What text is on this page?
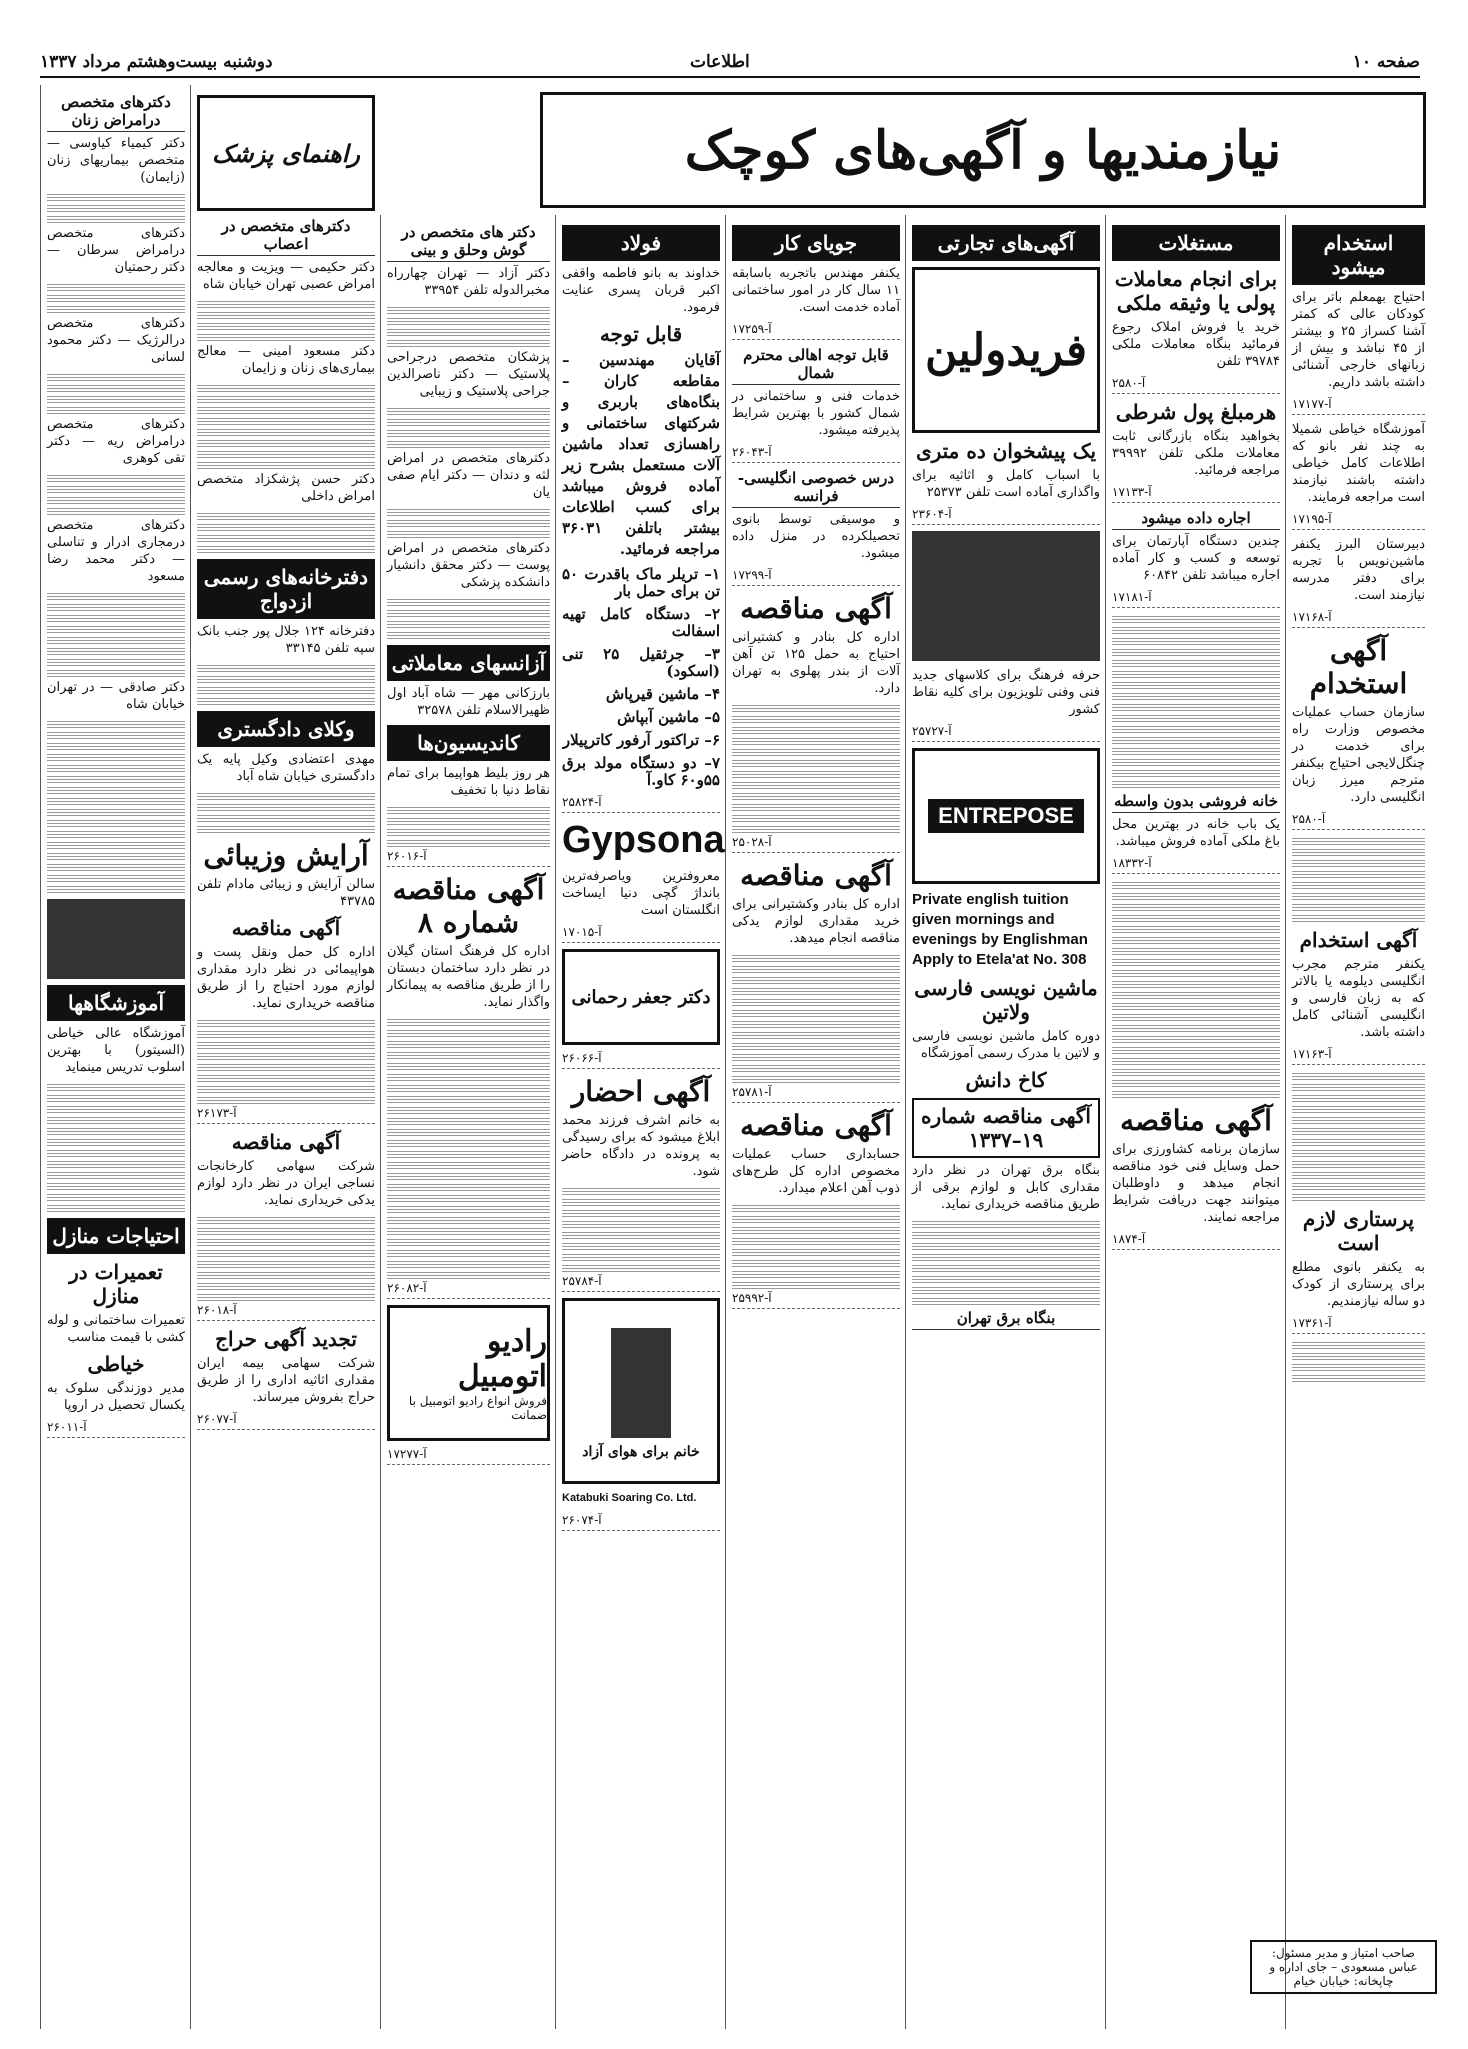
دوشنبه بیست‌وهشتم مرداد ۱۳۳۷	اطلاعات	صفحه ۱۰
نیازمندیها و آگهی‌های کوچک
استخدام میشود
احتیاج بهمعلم باتر برای کودکان عالی که کمتر آشنا کسراز ۲۵ و بیشتر از ۴۵ نباشد و بیش از زبانهای خارجی آشنائی داشته باشد داریم.
آ-۱۷۱۷۷
آموزشگاه خیاطی شمیلا به چند نفر بانو که اطلاعات کامل خیاطی داشته باشند نیازمند است مراجعه فرمایند.
آ-۱۷۱۹۵
دبیرستان البرز یکنفر ماشین‌نویس با تجربه برای دفتر مدرسه نیازمند است.
آ-۱۷۱۶۸
آگهی استخدام
سازمان حساب عملیات مخصوص وزارت راه برای خدمت در چنگل‌لایجی احتیاج بیکنفر مترجم میرز زبان انگلیسی دارد.
آ-۲۵۸۰
آگهی استخدام
یکنفر مترجم مجرب انگلیسی دیلومه یا بالاتر که به زبان فارسی و انگلیسی آشنائی کامل داشته باشد.
آ-۱۷۱۶۳
پرستاری لازم است
به یکنفر بانوی مطلع برای پرستاری از کودک دو ساله نیازمندیم.
آ-۱۷۳۶۱
مستغلات
برای انجام معاملات پولی یا وثیقه ملکی
خرید یا فروش املاک رجوع فرمائید بنگاه معاملات ملکی ۳۹۷۸۴ تلفن
آ-۲۵۸۰
هرمبلغ پول شرطی
بخواهید بنگاه بازرگانی ثابت معاملات ملکی تلفن ۳۹۹۹۲ مراجعه فرمائید.
آ-۱۷۱۳۳
اجاره داده میشود
چندین دستگاه آپارتمان برای توسعه و کسب و کار آماده اجاره میباشد تلفن ۶۰۸۴۲
آ-۱۷۱۸۱
خانه فروشی بدون واسطه
یک باب خانه در بهترین محل باغ ملکی آماده فروش میباشد.
آ-۱۸۳۳۲
آگهی مناقصه
سازمان برنامه کشاورزی برای حمل وسایل فنی خود مناقصه انجام میدهد و داوطلبان میتوانند جهت دریافت شرایط مراجعه نمایند.
آ-۱۸۷۴
آگهی‌های تجارتی
فریدولین
یک پیشخوان ده متری
با اسباب کامل و اثاثیه برای واگذاری آماده است تلفن ۲۵۳۷۳
آ-۲۳۶۰۴
حرفه فرهنگ برای کلاسهای جدید فنی وفنی تلویزیون برای کلیه نقاط کشور
آ-۲۵۷۲۷
ENTREPOSE
Private english tuition given mornings and evenings by Englishman Apply to Etela'at No. 308
ماشین نویسی فارسی ولاتین
دوره کامل ماشین نویسی فارسی و لاتین با مدرک رسمی آموزشگاه
کاخ دانش
آگهی مناقصه شماره ۱۹–۱۳۳۷
بنگاه برق تهران در نظر دارد مقداری کابل و لوازم برقی از طریق مناقصه خریداری نماید.
بنگاه برق تهران
جویای کار
یکنفر مهندس باتجربه باسابقه ۱۱ سال کار در امور ساختمانی آماده خدمت است.
آ-۱۷۲۵۹
قابل توجه اهالی محترم شمال
خدمات فنی و ساختمانی در شمال کشور با بهترین شرایط پذیرفته میشود.
آ-۲۶۰۴۳
درس خصوصی انگلیسی-فرانسه
و موسیقی توسط بانوی تحصیلکرده در منزل داده میشود.
آ-۱۷۲۹۹
آگهی مناقصه
اداره کل بنادر و کشتیرانی احتیاج به حمل ۱۲۵ تن آهن آلات از بندر پهلوی به تهران دارد.
آ-۲۵۰۲۸
آگهی مناقصه
اداره کل بنادر وکشتیرانی برای خرید مقداری لوازم یدکی مناقصه انجام میدهد.
آ-۲۵۷۸۱
آگهی مناقصه
حسابداری حساب عملیات مخصوص اداره کل طرح‌های ذوب آهن اعلام میدارد.
آ-۲۵۹۹۲
فولاد
خداوند به بانو فاطمه واقفی اکبر قربان پسری عنایت فرمود.
قابل توجه
آقایان مهندسین – مقاطعه کاران – بنگاه‌های باربری و شرکتهای ساختمانی و راهسازی تعداد ماشین آلات مستعمل بشرح زیر آماده فروش میباشد برای کسب اطلاعات بیشتر باتلفن ۳۶۰۳۱ مراجعه فرمائید.
۱– تریلر ماک باقدرت ۵۰ تن برای حمل بار
۲– دستگاه کامل تهیه اسفالت
۳– جرثقیل ۲۵ تنی (اسکود)
۴– ماشین قیرپاش
۵– ماشین آبپاش
۶– تراکتور آرفور کاترپیلار
۷– دو دستگاه مولد برق ۵۵و۶۰ کاو.آ
آ-۲۵۸۲۴
Gypsona
معروفترین ویاصرفه‌ترین بانداژ گچی دنیا ایساخت انگلستان است
آ-۱۷۰۱۵
دکتر جعفر رحمانی
آ-۲۶۰۶۶
آگهی احضار
به خانم اشرف فرزند محمد ابلاغ میشود که برای رسیدگی به پرونده در دادگاه حاضر شود.
آ-۲۵۷۸۴
خانم برای هوای آزاد
Katabuki Soaring Co. Ltd.
آ-۲۶۰۷۴
دکتر های متخصص در گوش وحلق و بینی
دکتر آزاد — تهران چهارراه مخبرالدوله تلفن ۳۳۹۵۴
پزشکان متخصص درجراحی پلاستیک — دکتر ناصرالدین جراحی پلاستیک و زیبایی
دکترهای متخصص در امراض لثه و دندان — دکتر ایام صفی یان
دکترهای متخصص در امراض پوست — دکتر محقق دانشیار دانشکده پزشکی
آزانسهای معاملاتی
بارزکانی مهر — شاه آباد اول ظهیرالاسلام تلفن ۳۲۵۷۸
کاندیسیون‌ها
هر روز بلیط هواپیما برای تمام نقاط دنیا با تخفیف
آ-۲۶۰۱۶
آگهی مناقصه شماره ۸
اداره کل فرهنگ استان گیلان در نظر دارد ساختمان دبستان را از طریق مناقصه به پیمانکار واگذار نماید.
آ-۲۶۰۸۲
رادیو اتومبیل
فروش انواع رادیو اتومبیل با ضمانت
آ-۱۷۲۷۷
راهنمای پزشک
دکترهای متخصص در اعصاب
دکتر حکیمی — ویزیت و معالجه امراض عصبی تهران خیابان شاه
دکتر مسعود امینی — معالج بیماری‌های زنان و زایمان
دکتر حسن پژشکزاد متخصص امراض داخلی
دفترخانه‌های رسمی ازدواج
دفترخانه ۱۲۴ جلال پور جنب بانک سپه تلفن ۳۳۱۴۵
وکلای دادگستری
مهدی اعتضادی وکیل پایه یک دادگستری خیابان شاه آباد
آرایش وزیبائی
سالن آرایش و زیبائی مادام تلفن ۴۳۷۸۵
آگهی مناقصه
اداره کل حمل ونقل پست و هواپیمائی در نظر دارد مقداری لوازم مورد احتیاج را از طریق مناقصه خریداری نماید.
آ-۲۶۱۷۳
آگهی مناقصه
شرکت سهامی کارخانجات نساجی ایران در نظر دارد لوازم یدکی خریداری نماید.
آ-۲۶۰۱۸
تجدید آگهی حراج
شرکت سهامی بیمه ایران مقداری اثاثیه اداری را از طریق حراج بفروش میرساند.
آ-۲۶۰۷۷
دکترهای متخصص درامراض زنان
دکتر کیمیاء کیاوسی — متخصص بیماریهای زنان (زایمان)
دکترهای متخصص درامراض سرطان — دکتر رحمتیان
دکترهای متخصص درالرژیک — دکتر محمود لسانی
دکترهای متخصص درامراض ریه — دکتر تقی کوهری
دکترهای متخصص درمجاری ادرار و تناسلی — دکتر محمد رضا مسعود
دکتر صادقی — در تهران خیابان شاه
آموزشگاهها
آموزشگاه عالی خیاطی (السیتور) با بهترین اسلوب تدریس مینماید
احتیاجات منازل
تعمیرات در منازل
تعمیرات ساختمانی و لوله کشی با قیمت مناسب
خیاطی
مدیر دوزندگی سلوک به یکسال تحصیل در اروپا
آ-۲۶۰۱۱
صاحب امتیاز و مدیر مسئول: عباس مسعودی – جای اداره و چاپخانه: خیابان خیام
